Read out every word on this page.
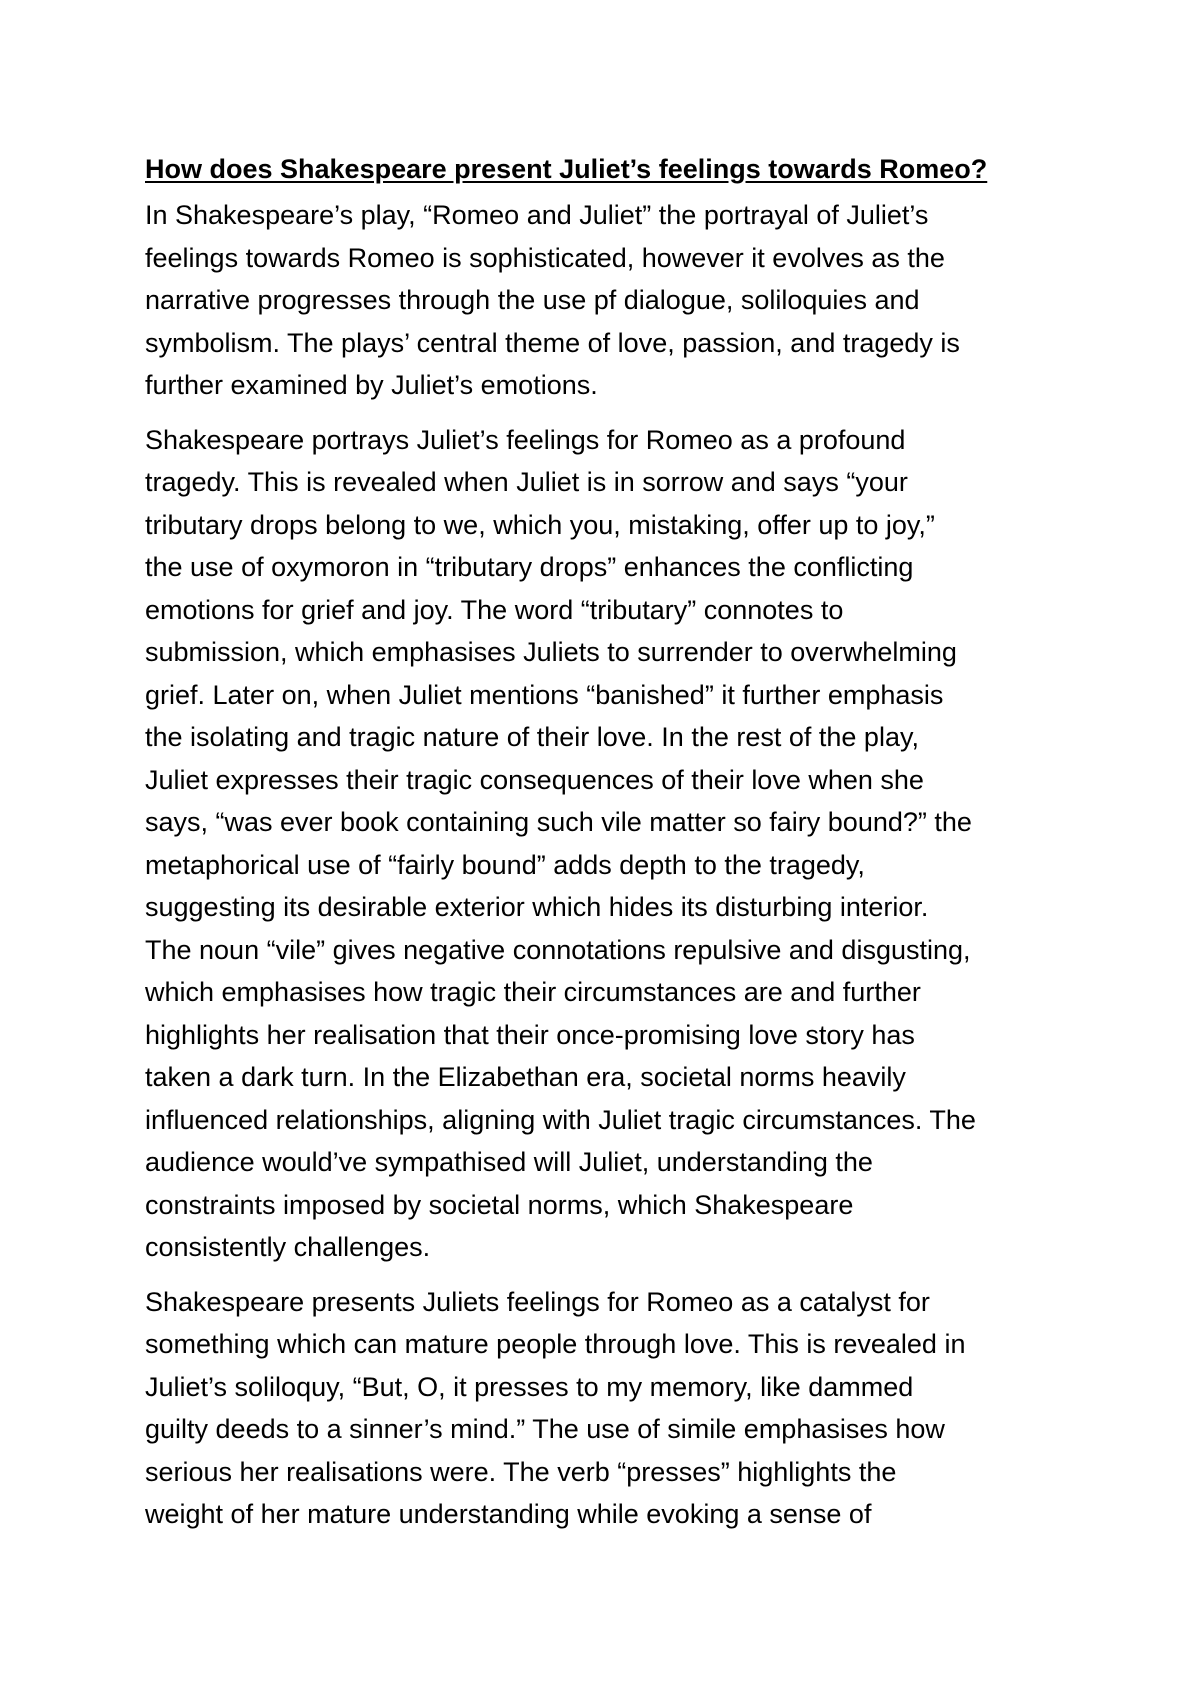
How does Shakespeare present Juliet’s feelings towards Romeo?
In Shakespeare’s play, “Romeo and Juliet” the portrayal of Juliet’s
feelings towards Romeo is sophisticated, however it evolves as the
narrative progresses through the use pf dialogue, soliloquies and
symbolism. The plays’ central theme of love, passion, and tragedy is
further examined by Juliet’s emotions.
Shakespeare portrays Juliet’s feelings for Romeo as a profound
tragedy. This is revealed when Juliet is in sorrow and says “your
tributary drops belong to we, which you, mistaking, offer up to joy,”
the use of oxymoron in “tributary drops” enhances the conflicting
emotions for grief and joy. The word “tributary” connotes to
submission, which emphasises Juliets to surrender to overwhelming
grief. Later on, when Juliet mentions “banished” it further emphasis
the isolating and tragic nature of their love. In the rest of the play,
Juliet expresses their tragic consequences of their love when she
says, “was ever book containing such vile matter so fairy bound?” the
metaphorical use of “fairly bound” adds depth to the tragedy,
suggesting its desirable exterior which hides its disturbing interior.
The noun “vile” gives negative connotations repulsive and disgusting,
which emphasises how tragic their circumstances are and further
highlights her realisation that their once-promising love story has
taken a dark turn. In the Elizabethan era, societal norms heavily
influenced relationships, aligning with Juliet tragic circumstances. The
audience would’ve sympathised will Juliet, understanding the
constraints imposed by societal norms, which Shakespeare
consistently challenges.
Shakespeare presents Juliets feelings for Romeo as a catalyst for
something which can mature people through love. This is revealed in
Juliet’s soliloquy, “But, O, it presses to my memory, like dammed
guilty deeds to a sinner’s mind.” The use of simile emphasises how
serious her realisations were. The verb “presses” highlights the
weight of her mature understanding while evoking a sense of
